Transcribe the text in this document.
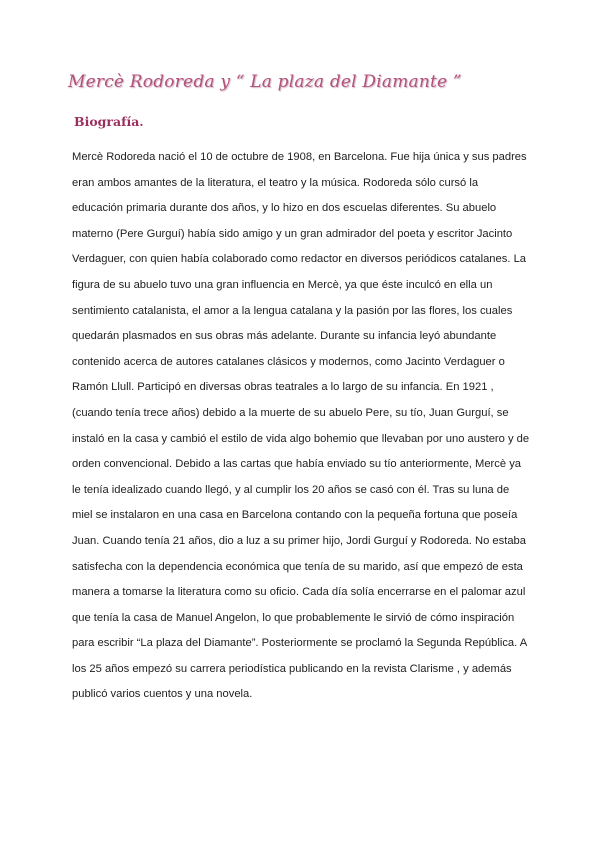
Mercè Rodoreda y “ La plaza del Diamante ”
Biografía.
Mercè Rodoreda nació el 10 de octubre de 1908, en Barcelona. Fue hija única y sus padres
eran ambos amantes de la literatura, el teatro y la música. Rodoreda sólo cursó la
educación primaria durante dos años, y lo hizo en dos escuelas diferentes. Su abuelo
materno (Pere Gurguí) había sido amigo y un gran admirador del poeta y escritor Jacinto
Verdaguer, con quien había colaborado como redactor en diversos periódicos catalanes. La
figura de su abuelo tuvo una gran influencia en Mercè, ya que éste inculcó en ella un
sentimiento catalanista, el amor a la lengua catalana y la pasión por las flores, los cuales
quedarán plasmados en sus obras más adelante. Durante su infancia leyó abundante
contenido acerca de autores catalanes clásicos y modernos, como Jacinto Verdaguer o
Ramón Llull. Participó en diversas obras teatrales a lo largo de su infancia. En 1921 ,
(cuando tenía trece años) debido a la muerte de su abuelo Pere, su tío, Juan Gurguí, se
instaló en la casa y cambió el estilo de vida algo bohemio que llevaban por uno austero y de
orden convencional. Debido a las cartas que había enviado su tío anteriormente, Mercè ya
le tenía idealizado cuando llegó, y al cumplir los 20 años se casó con él. Tras su luna de
miel se instalaron en una casa en Barcelona contando con la pequeña fortuna que poseía
Juan. Cuando tenía 21 años, dio a luz a su primer hijo, Jordi Gurguí y Rodoreda. No estaba
satisfecha con la dependencia económica que tenía de su marido, así que empezó de esta
manera a tomarse la literatura como su oficio. Cada día solía encerrarse en el palomar azul
que tenía la casa de Manuel Angelon, lo que probablemente le sirvió de cómo inspiración
para escribir “La plaza del Diamante”. Posteriormente se proclamó la Segunda República. A
los 25 años empezó su carrera periodística publicando en la revista Clarisme , y además
publicó varios cuentos y una novela.
